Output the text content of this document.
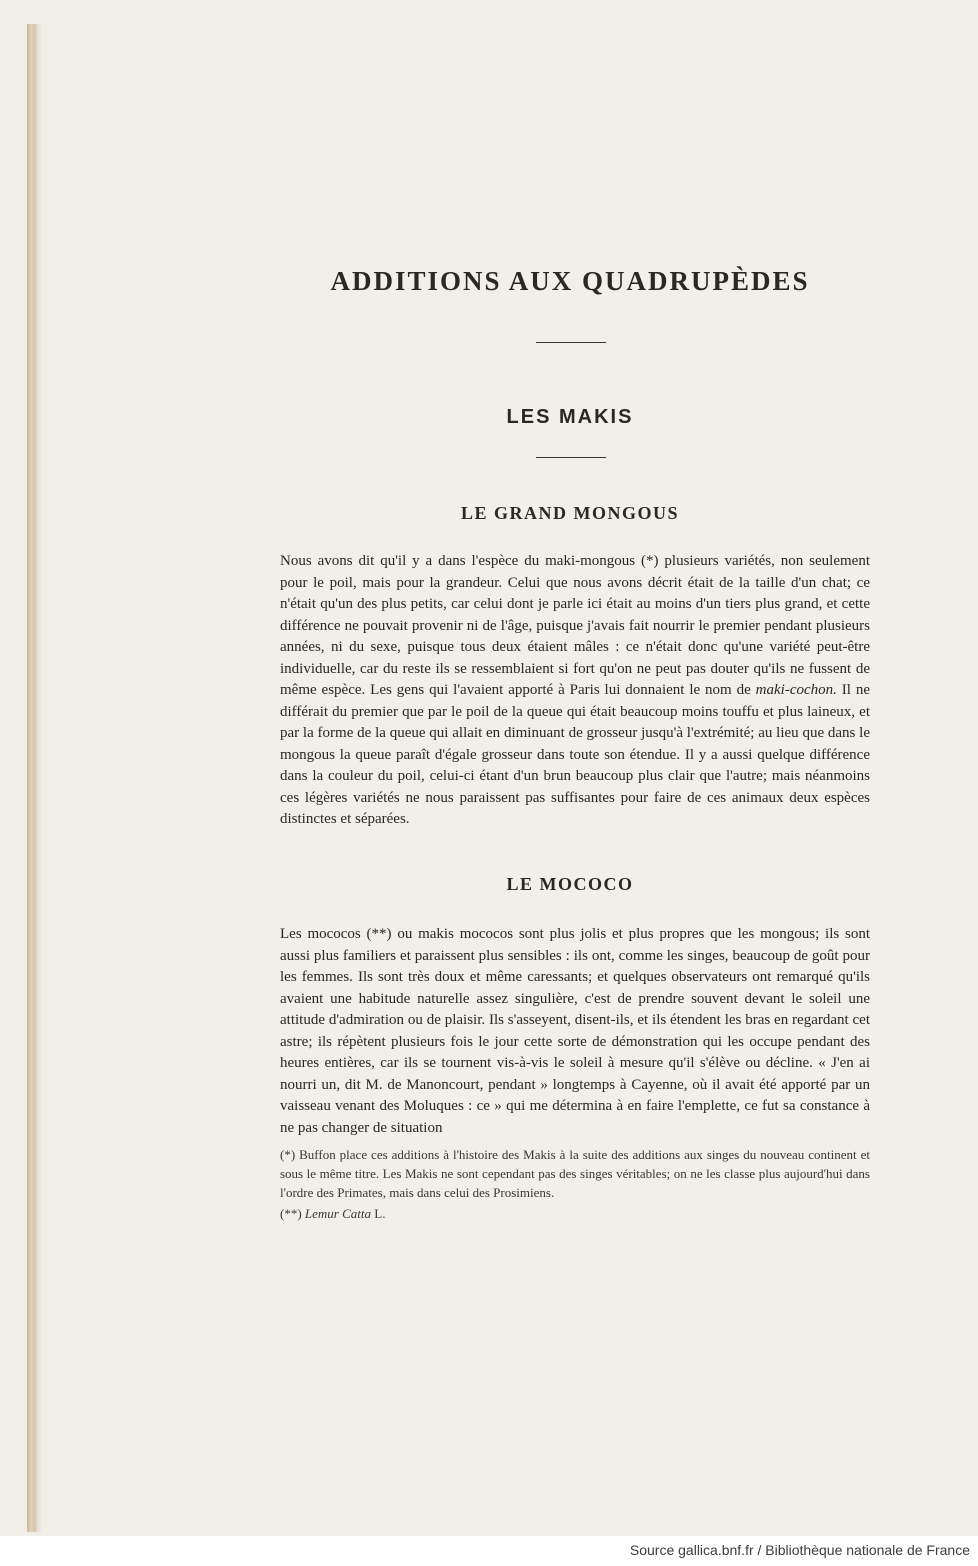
ADDITIONS AUX QUADRUPÈDES
LES MAKIS
LE GRAND MONGOUS

Nous avons dit qu'il y a dans l'espèce du maki-mongous (*) plusieurs variétés, non seulement pour le poil, mais pour la grandeur. Celui que nous avons décrit était de la taille d'un chat; ce n'était qu'un des plus petits, car celui dont je parle ici était au moins d'un tiers plus grand, et cette différence ne pouvait provenir ni de l'âge, puisque j'avais fait nourrir le premier pendant plusieurs années, ni du sexe, puisque tous deux étaient mâles : ce n'était donc qu'une variété peut-être individuelle, car du reste ils se ressemblaient si fort qu'on ne peut pas douter qu'ils ne fussent de même espèce. Les gens qui l'avaient apporté à Paris lui donnaient le nom de maki-cochon. Il ne différait du premier que par le poil de la queue qui était beaucoup moins touffu et plus laineux, et par la forme de la queue qui allait en diminuant de grosseur jusqu'à l'extrémité; au lieu que dans le mongous la queue paraît d'égale grosseur dans toute son étendue. Il y a aussi quelque différence dans la couleur du poil, celui-ci étant d'un brun beaucoup plus clair que l'autre; mais néanmoins ces légères variétés ne nous paraissent pas suffisantes pour faire de ces animaux deux espèces distinctes et séparées.

LE MOCOCO

Les mococos (**) ou makis mococos sont plus jolis et plus propres que les mongous; ils sont aussi plus familiers et paraissent plus sensibles : ils ont, comme les singes, beaucoup de goût pour les femmes. Ils sont très doux et même caressants; et quelques observateurs ont remarqué qu'ils avaient une habitude naturelle assez singulière, c'est de prendre souvent devant le soleil une attitude d'admiration ou de plaisir. Ils s'asseyent, disent-ils, et ils étendent les bras en regardant cet astre; ils répètent plusieurs fois le jour cette sorte de démonstration qui les occupe pendant des heures entières, car ils se tournent vis-à-vis le soleil à mesure qu'il s'élève ou décline. « J'en ai nourri un, dit M. de Manoncourt, pendant » longtemps à Cayenne, où il avait été apporté par un vaisseau venant des Moluques : ce » qui me détermina à en faire l'emplette, ce fut sa constance à ne pas changer de situation

(*) Buffon place ces additions à l'histoire des Makis à la suite des additions aux singes du nouveau continent et sous le même titre. Les Makis ne sont cependant pas des singes véritables; on ne les classe plus aujourd'hui dans l'ordre des Primates, mais dans celui des Prosimiens.

(**) Lemur Catta L.

Source gallica.bnf.fr / Bibliothèque nationale de France
